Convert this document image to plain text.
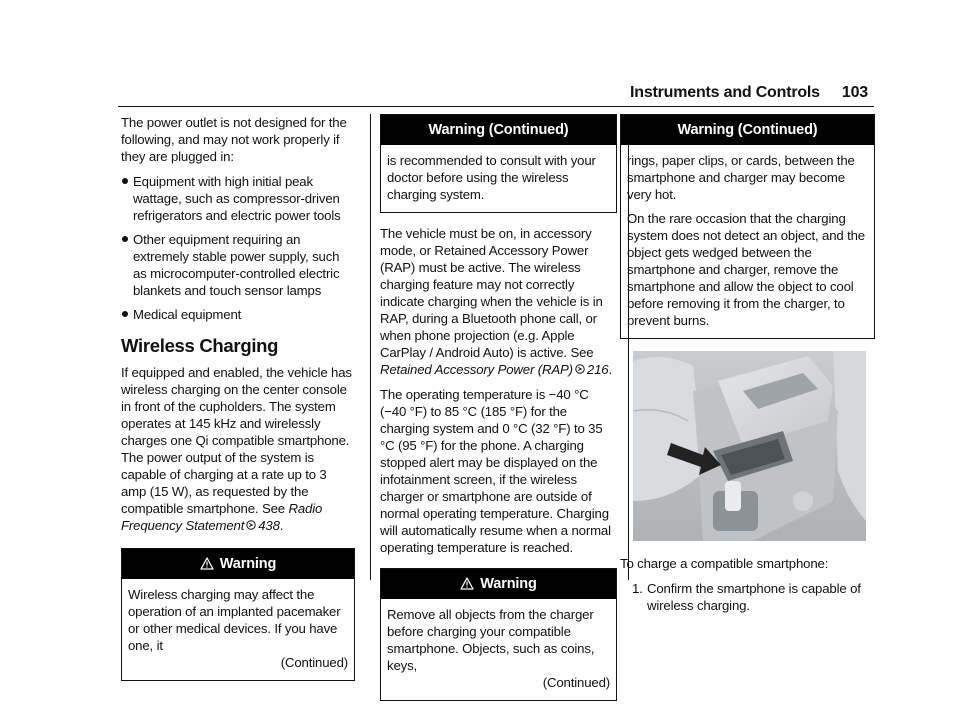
Instruments and Controls 103

The power outlet is not designed for the following, and may not work properly if they are plugged in:

Equipment with high initial peak wattage, such as compressor-driven refrigerators and electric power tools
Other equipment requiring an extremely stable power supply, such as microcomputer-controlled electric blankets and touch sensor lamps
Medical equipment
Wireless Charging

If equipped and enabled, the vehicle has wireless charging on the center console in front of the cupholders. The system operates at 145 kHz and wirelessly charges one Qi compatible smartphone. The power output of the system is capable of charging at a rate up to 3 amp (15 W), as requested by the compatible smartphone. See Radio Frequency Statement 438.

Warning

Wireless charging may affect the operation of an implanted pacemaker or other medical devices. If you have one, it

(Continued)

Warning (Continued)

is recommended to consult with your doctor before using the wireless charging system.

The vehicle must be on, in accessory mode, or Retained Accessory Power (RAP) must be active. The wireless charging feature may not correctly indicate charging when the vehicle is in RAP, during a Bluetooth phone call, or when phone projection (e.g. Apple CarPlay / Android Auto) is active. See Retained Accessory Power (RAP) 216.

The operating temperature is −40 °C (−40 °F) to 85 °C (185 °F) for the charging system and 0 °C (32 °F) to 35 °C (95 °F) for the phone. A charging stopped alert may be displayed on the infotainment screen, if the wireless charger or smartphone are outside of normal operating temperature. Charging will automatically resume when a normal operating temperature is reached.

Warning

Remove all objects from the charger before charging your compatible smartphone. Objects, such as coins, keys,

(Continued)

Warning (Continued)

rings, paper clips, or cards, between the smartphone and charger may become very hot.

On the rare occasion that the charging system does not detect an object, and the object gets wedged between the smartphone and charger, remove the smartphone and allow the object to cool before removing it from the charger, to prevent burns.

To charge a compatible smartphone:

1. Confirm the smartphone is capable of wireless charging.
